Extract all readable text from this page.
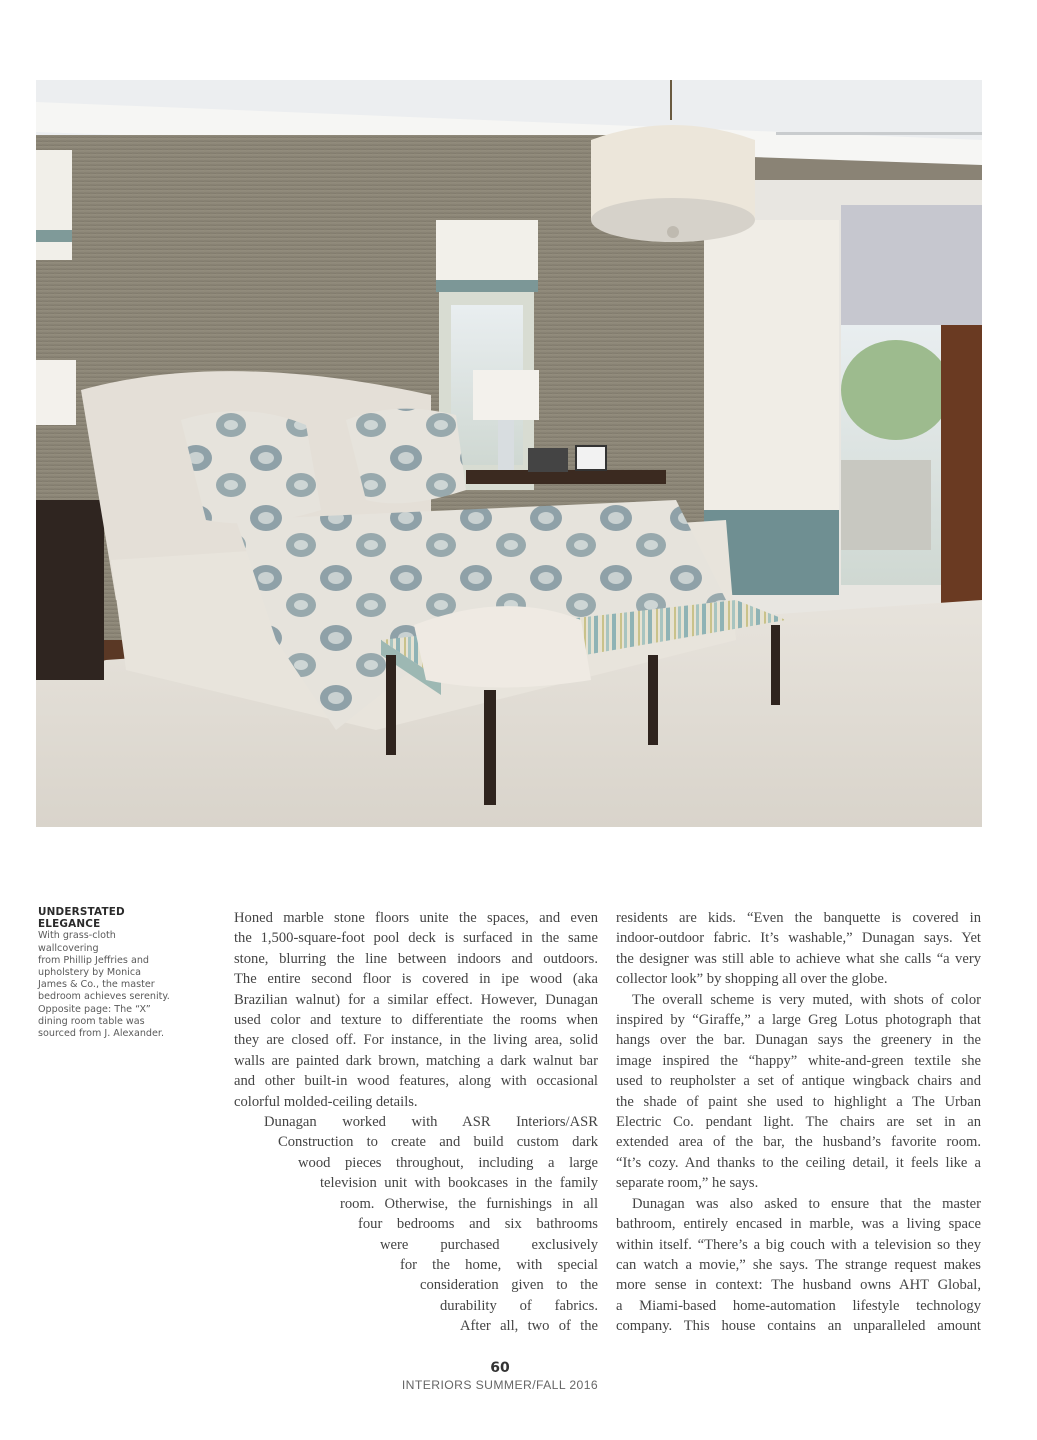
UNDERSTATED ELEGANCE
With grass-cloth wallcovering
from Phillip Jeffries and
upholstery by Monica
James & Co., the master
bedroom achieves serenity.
Opposite page: The “X”
dining room table was
sourced from J. Alexander.

Honed marble stone floors unite the spaces, and even
the 1,500-square-foot pool deck is surfaced in the same
stone, blurring the line between indoors and outdoors.
The entire second floor is covered in ipe wood (aka
Brazilian walnut) for a similar effect. However, Dunagan
used color and texture to differentiate the rooms when
they are closed off. For instance, in the living area, solid
walls are painted dark brown, matching a dark walnut bar
and other built-in wood features, along with occasional
colorful molded-ceiling details.

Dunagan worked with ASR Interiors/ASR
Construction to create and build custom dark
wood pieces throughout, including a large
television unit with bookcases in the family
room. Otherwise, the furnishings in all
four bedrooms and six bathrooms
were purchased exclusively
for the home, with special
consideration given to the
durability of fabrics.
After all, two of the

residents are kids. “Even the banquette is covered in
indoor-outdoor fabric. It’s washable,” Dunagan says. Yet
the designer was still able to achieve what she calls “a very
collector look” by shopping all over the globe.

The overall scheme is very muted, with shots of color
inspired by “Giraffe,” a large Greg Lotus photograph that
hangs over the bar. Dunagan says the greenery in the
image inspired the “happy” white-and-green textile she
used to reupholster a set of antique wingback chairs and
the shade of paint she used to highlight a The Urban
Electric Co. pendant light. The chairs are set in an
extended area of the bar, the husband’s favorite room.
“It’s cozy. And thanks to the ceiling detail, it feels like a
separate room,” he says.

Dunagan was also asked to ensure that the master
bathroom, entirely encased in marble, was a living space
within itself. “There’s a big couch with a television so they
can watch a movie,” she says. The strange request makes
more sense in context: The husband owns AHT Global,
a Miami-based home-automation lifestyle technology
company. This house contains an unparalleled amount

60
INTERIORS SUMMER/FALL 2016
